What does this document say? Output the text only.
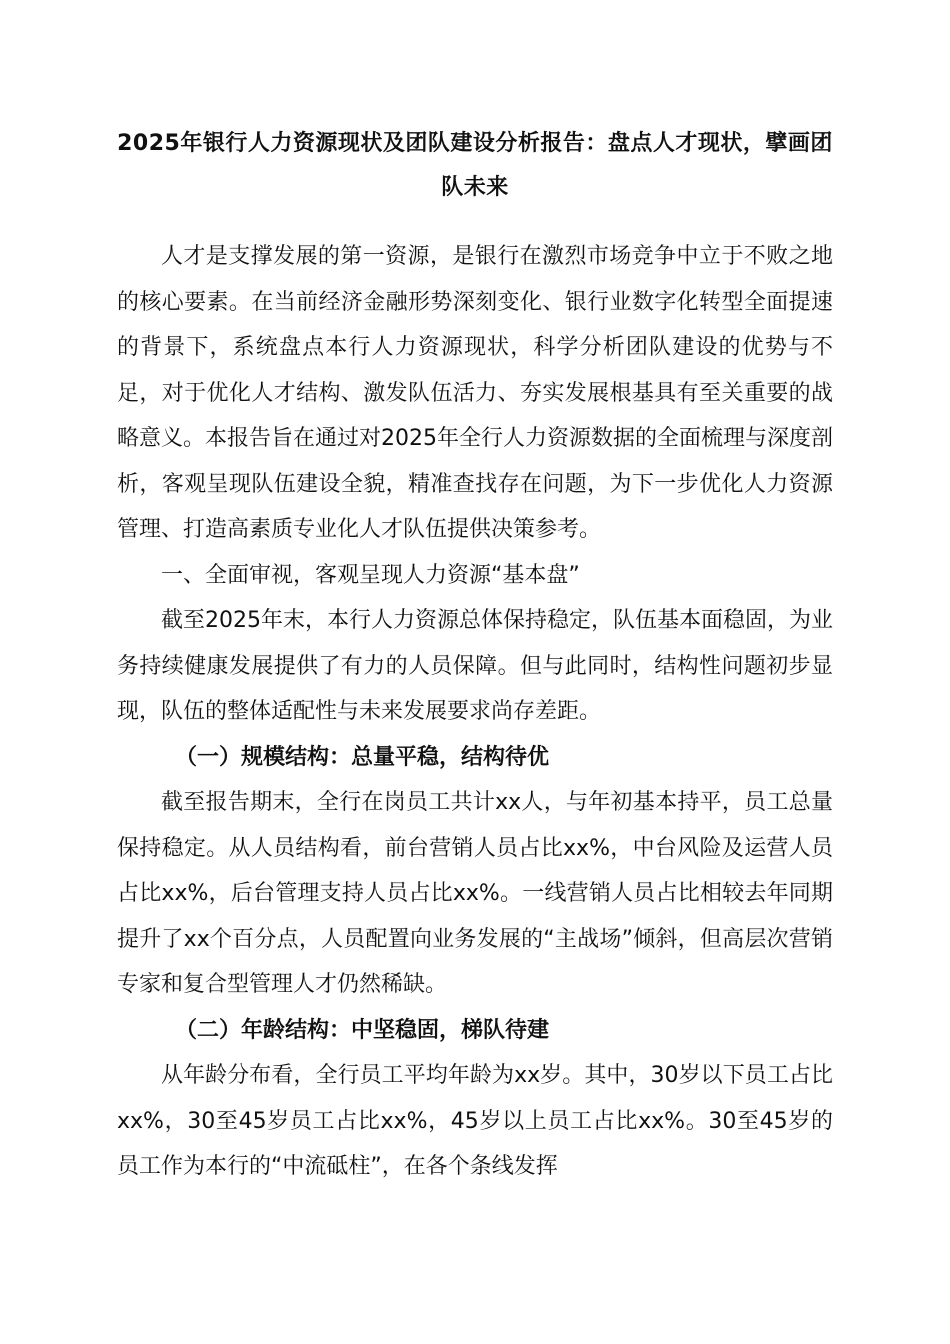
2025年银行人力资源现状及团队建设分析报告：盘点人才现状，擘画团队未来

人才是支撑发展的第一资源，是银行在激烈市场竞争中立于不败之地的核心要素。在当前经济金融形势深刻变化、银行业数字化转型全面提速的背景下，系统盘点本行人力资源现状，科学分析团队建设的优势与不足，对于优化人才结构、激发队伍活力、夯实发展根基具有至关重要的战略意义。本报告旨在通过对2025年全行人力资源数据的全面梳理与深度剖析，客观呈现队伍建设全貌，精准查找存在问题，为下一步优化人力资源管理、打造高素质专业化人才队伍提供决策参考。

一、全面审视，客观呈现人力资源“基本盘”

截至2025年末，本行人力资源总体保持稳定，队伍基本面稳固，为业务持续健康发展提供了有力的人员保障。但与此同时，结构性问题初步显现，队伍的整体适配性与未来发展要求尚存差距。

（一）规模结构：总量平稳，结构待优

截至报告期末，全行在岗员工共计xx人，与年初基本持平，员工总量保持稳定。从人员结构看，前台营销人员占比xx%，中台风险及运营人员占比xx%，后台管理支持人员占比xx%。一线营销人员占比相较去年同期提升了xx个百分点，人员配置向业务发展的“主战场”倾斜，但高层次营销专家和复合型管理人才仍然稀缺。

（二）年龄结构：中坚稳固，梯队待建

从年龄分布看，全行员工平均年龄为xx岁。其中，30岁以下员工占比xx%，30至45岁员工占比xx%，45岁以上员工占比xx%。30至45岁的员工作为本行的“中流砥柱”，在各个条线发挥
